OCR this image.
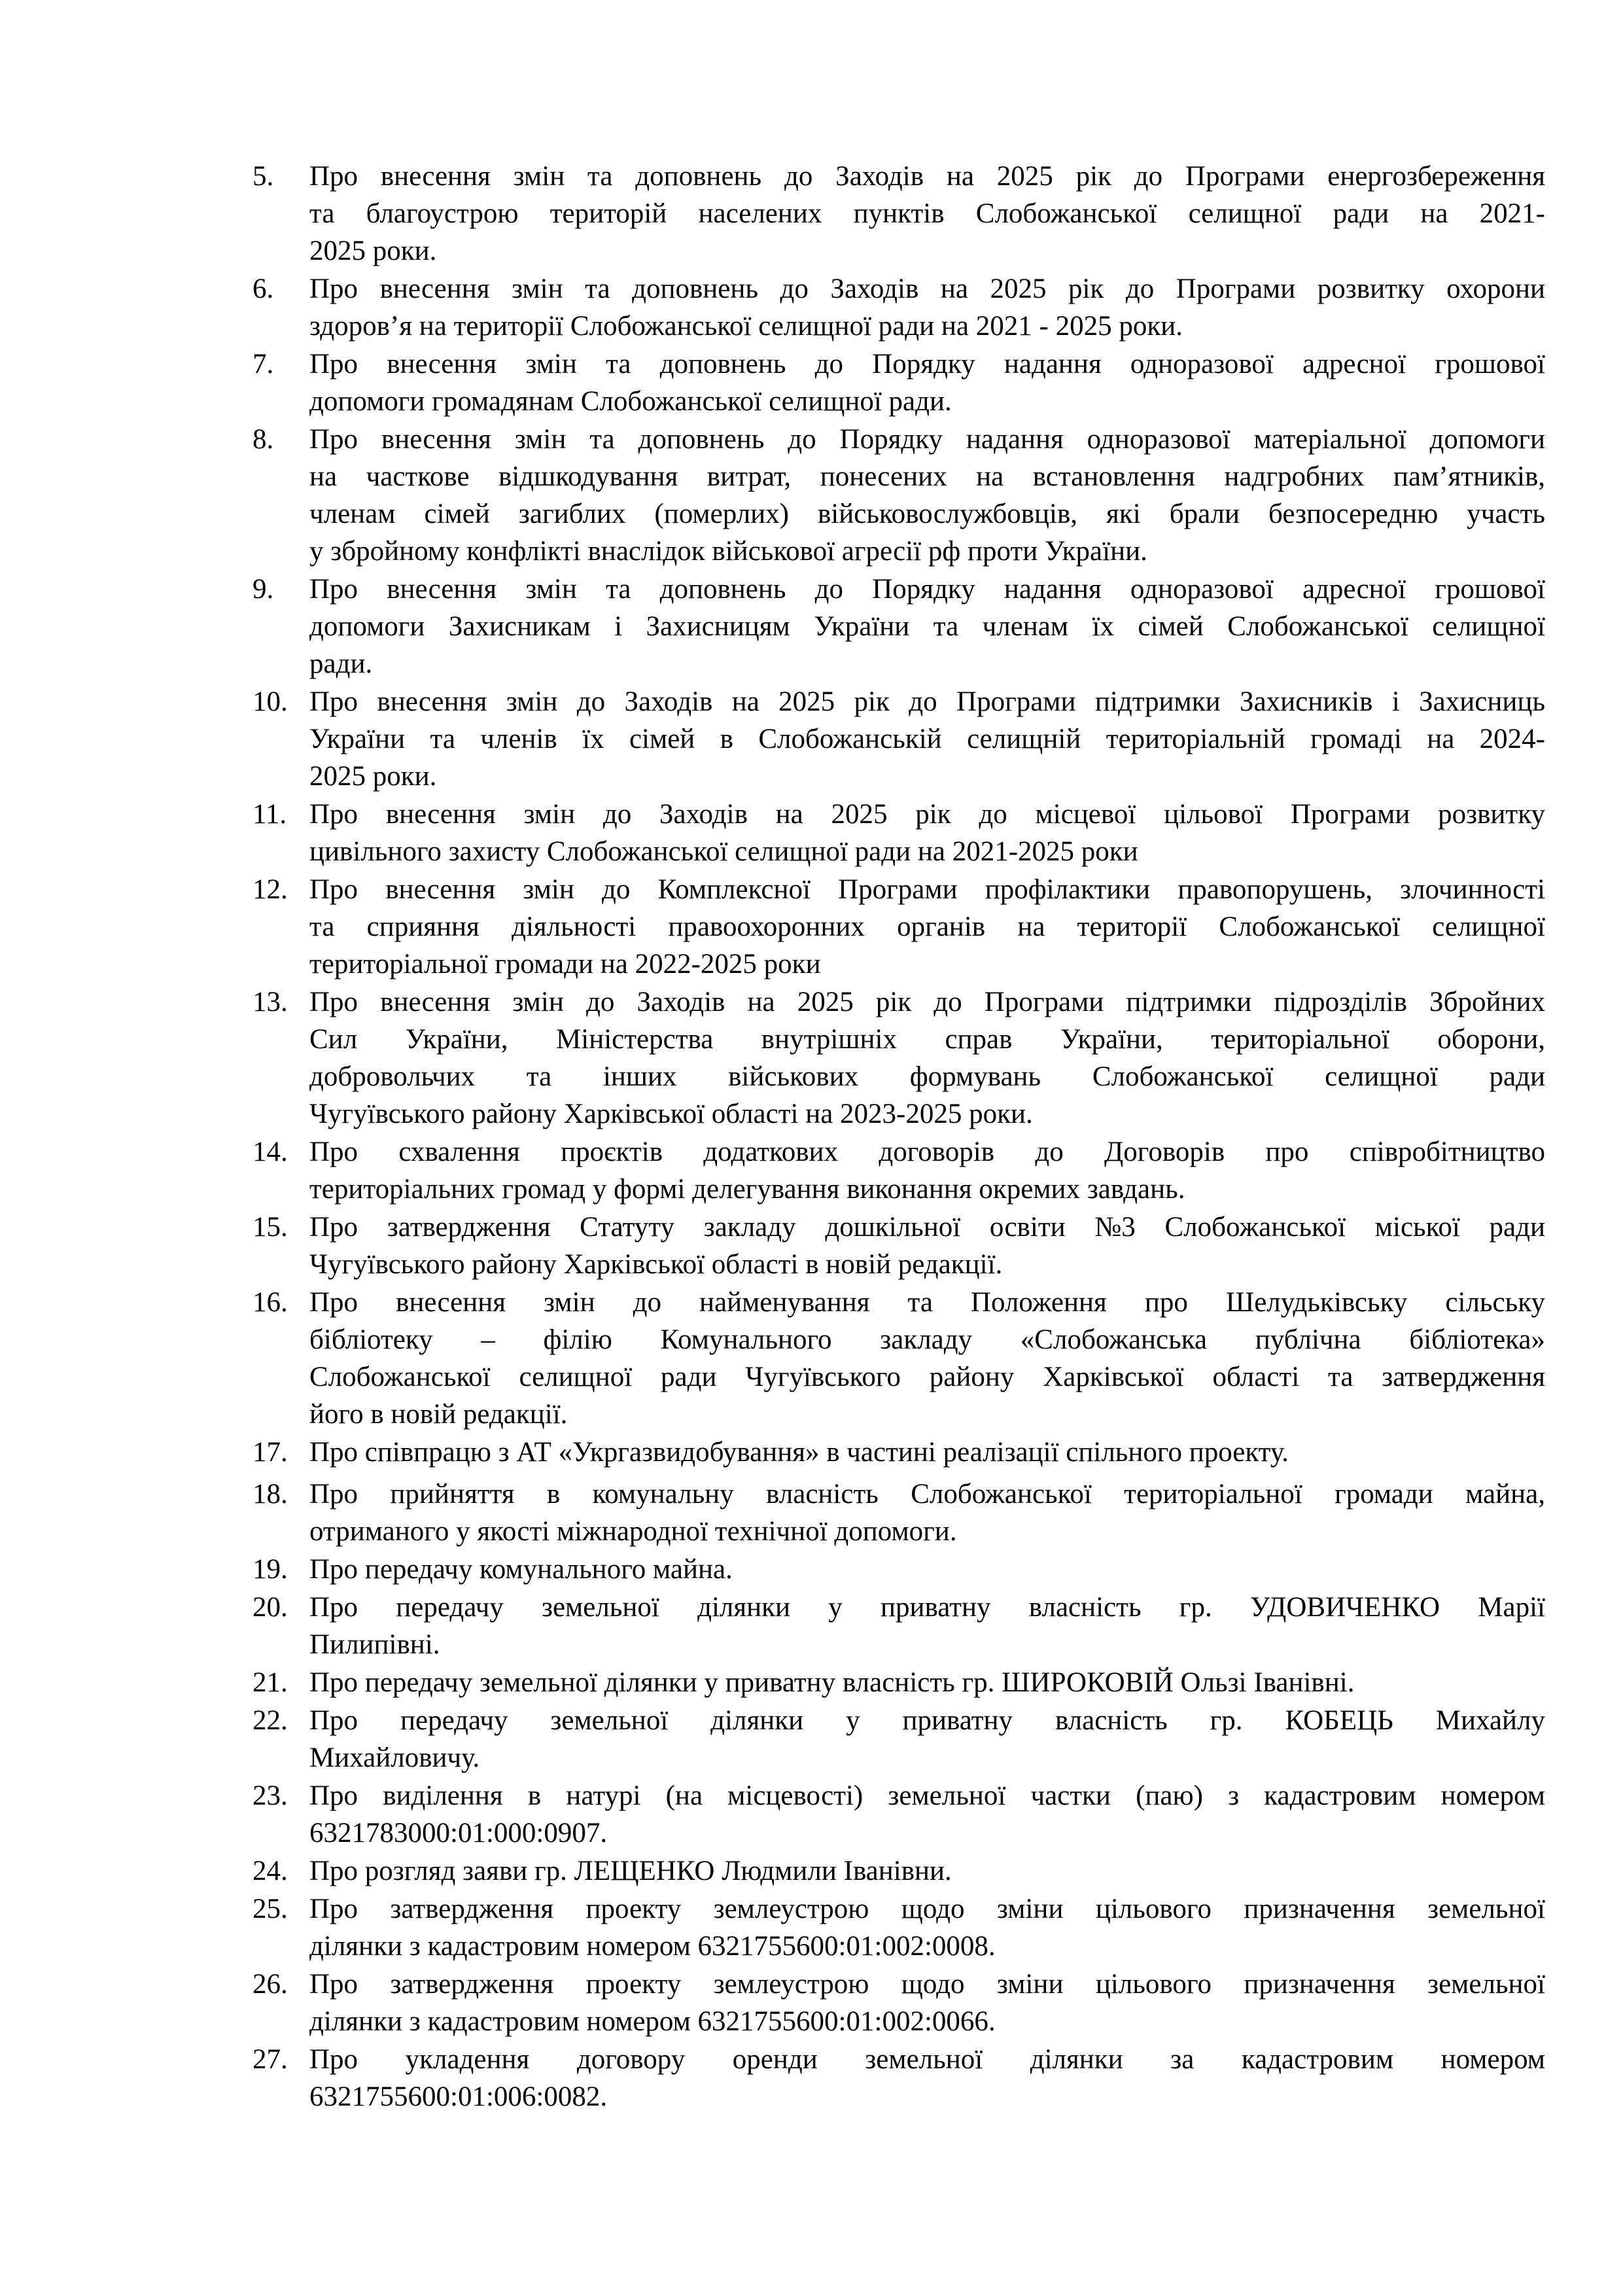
5.	Про внесення змін та доповнень до Заходів на 2025 рік до Програми енергозбереження
та благоустрою територій населених пунктів Слобожанської селищної ради на 2021-
2025 роки.
6.	Про внесення змін та доповнень до Заходів на 2025 рік до Програми розвитку охорони
здоров’я на території Слобожанської селищної ради на 2021 - 2025 роки.
7.	Про внесення змін та доповнень до Порядку надання одноразової адресної грошової
допомоги громадянам Слобожанської селищної ради.
8.	Про внесення змін та доповнень до Порядку надання одноразової матеріальної допомоги
на часткове відшкодування витрат, понесених на встановлення надгробних пам’ятників,
членам сімей загиблих (померлих) військовослужбовців, які брали безпосередню участь
у збройному конфлікті внаслідок військової агресії рф проти України.
9.	Про внесення змін та доповнень до Порядку надання одноразової адресної грошової
допомоги Захисникам і Захисницям України та членам їх сімей Слобожанської селищної
ради.
10. Про внесення змін до Заходів на 2025 рік до Програми підтримки Захисників і Захисниць
України та членів їх сімей в Слобожанській селищній територіальній громаді на 2024-
2025 роки.
11. Про внесення змін до Заходів на 2025 рік до місцевої цільової Програми розвитку
цивільного захисту Слобожанської селищної ради на 2021-2025 роки
12. Про внесення змін до Комплексної Програми профілактики правопорушень, злочинності
та сприяння діяльності правоохоронних органів на території Слобожанської селищної
територіальної громади на 2022-2025 роки
13. Про внесення змін до Заходів на 2025 рік до Програми підтримки підрозділів Збройних
Сил України, Міністерства внутрішніх справ України, територіальної оборони,
добровольчих та інших військових формувань Слобожанської селищної ради
Чугуївського району Харківської області на 2023-2025 роки.
14. Про схвалення проєктів додаткових договорів до Договорів про співробітництво
територіальних громад у формі делегування виконання окремих завдань.
15. Про затвердження Статуту закладу дошкільної освіти №3 Слобожанської міської ради
Чугуївського району Харківської області в новій редакції.
16. Про внесення змін до найменування та Положення про Шелудьківську сільську
бібліотеку – філію Комунального закладу «Слобожанська публічна бібліотека»
Слобожанської селищної ради Чугуївського району Харківської області та затвердження
його в новій редакції.
17. Про співпрацю з АТ «Укргазвидобування» в частині реалізації спільного проекту.
18. Про прийняття в комунальну власність Слобожанської територіальної громади майна,
отриманого у якості міжнародної технічної допомоги.
19. Про передачу комунального майна.
20. Про передачу земельної ділянки у приватну власність гр. УДОВИЧЕНКО Марії
Пилипівні.
21. Про передачу земельної ділянки у приватну власність гр. ШИРОКОВІЙ Ользі Іванівні.
22. Про передачу земельної ділянки у приватну власність гр. КОБЕЦЬ Михайлу
Михайловичу.
23. Про виділення в натурі (на місцевості) земельної частки (паю) з кадастровим номером
6321783000:01:000:0907.
24. Про розгляд заяви гр. ЛЕЩЕНКО Людмили Іванівни.
25. Про затвердження проекту землеустрою щодо зміни цільового призначення земельної
ділянки з кадастровим номером 6321755600:01:002:0008.
26. Про затвердження проекту землеустрою щодо зміни цільового призначення земельної
ділянки з кадастровим номером 6321755600:01:002:0066.
27. Про укладення договору оренди земельної ділянки за кадастровим номером
6321755600:01:006:0082.
